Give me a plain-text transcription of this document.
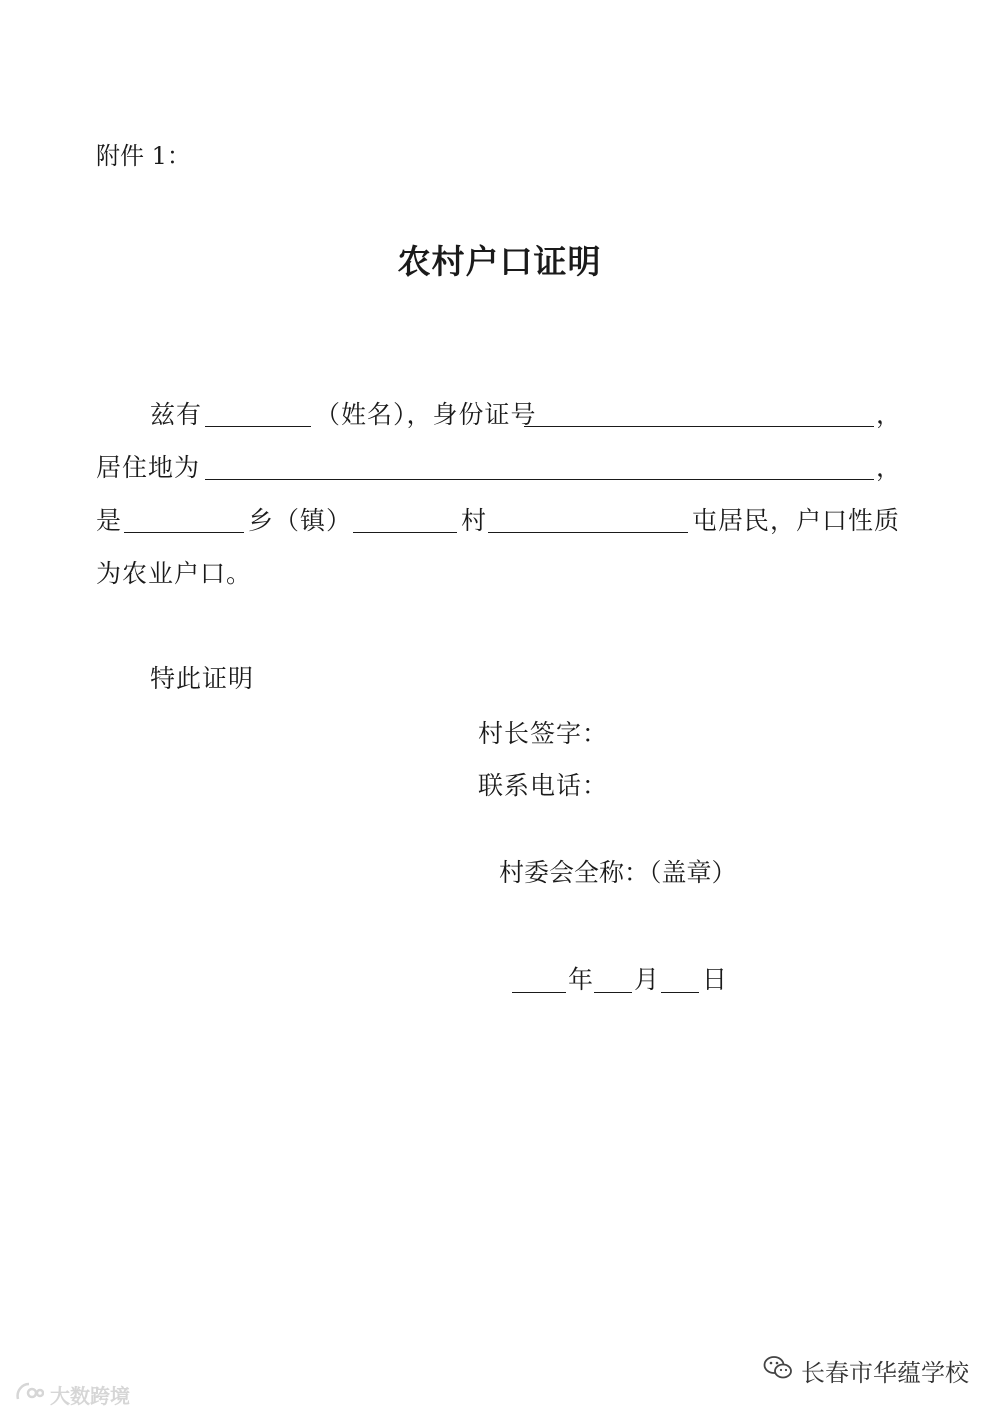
附件 1：
农村户口证明
兹有	（姓名），身份证号	，
居住地为	，
是	乡（镇）	村	屯居民，户口性质
为农业户口。
特此证明
村长签字：
联系电话：
村委会全称：（盖章）
年 月 日
长春市华蕴学校
大数跨境
